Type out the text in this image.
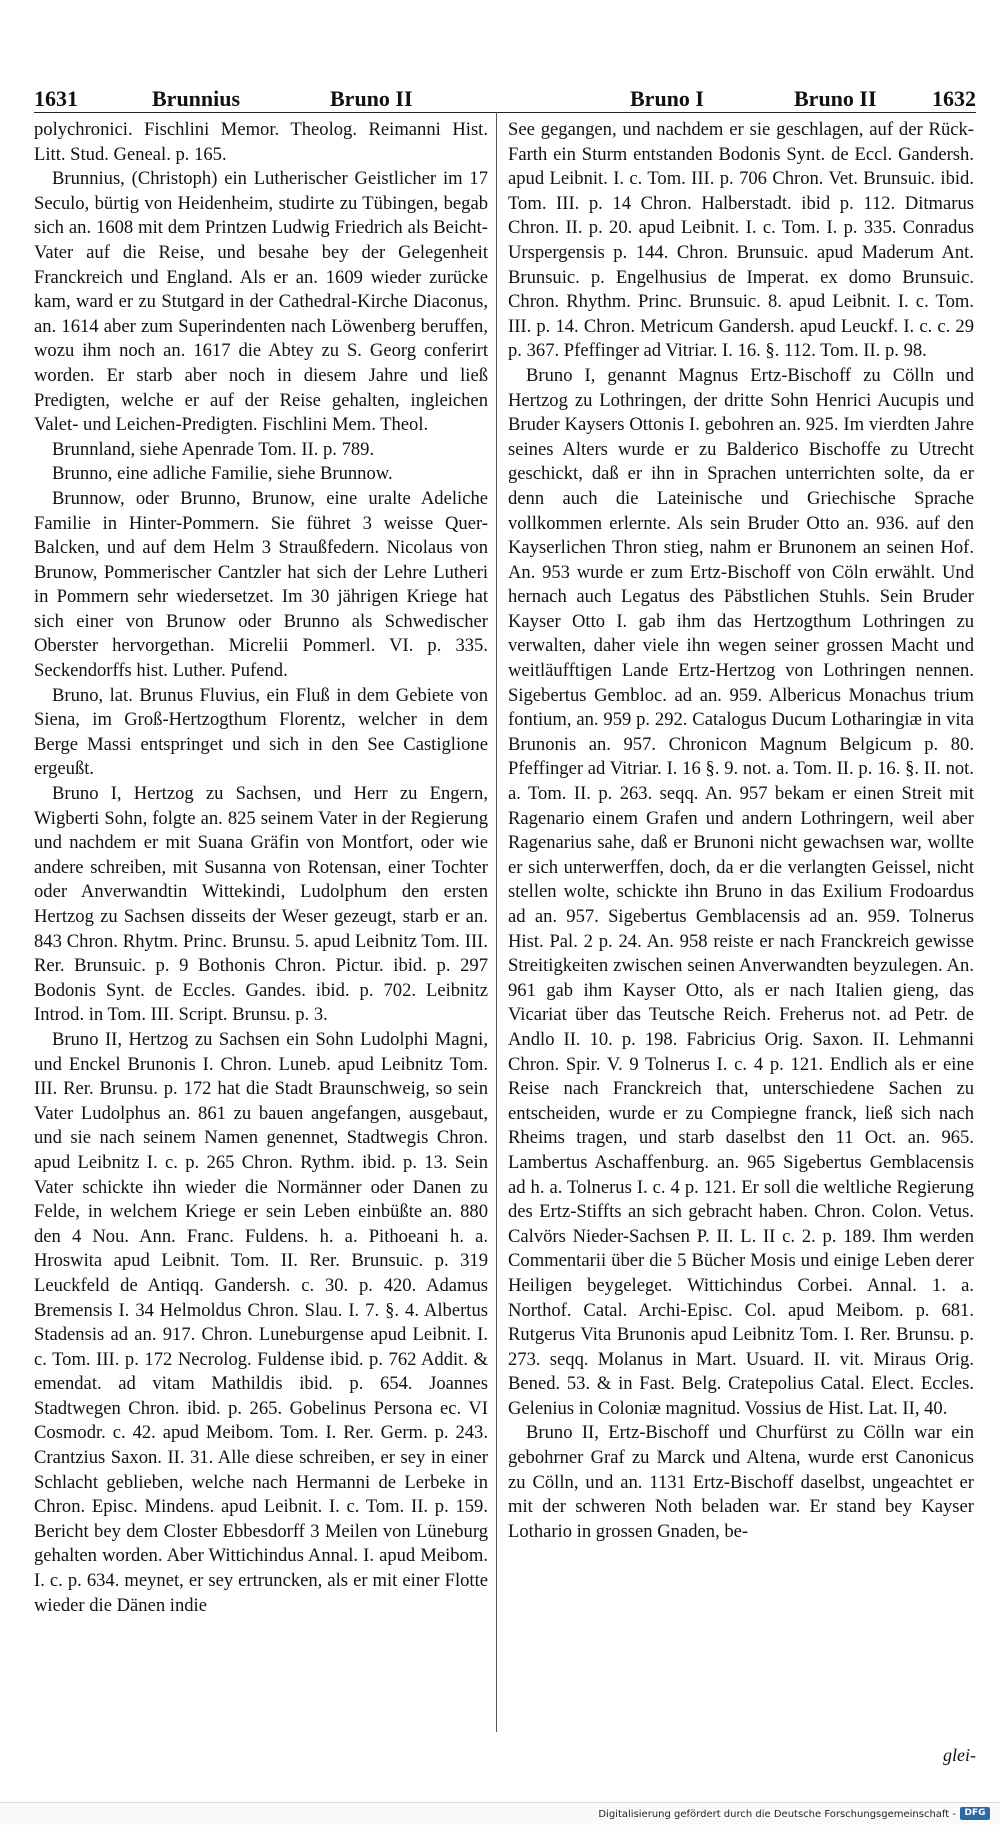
1631	Brunnius	Bruno II	Bruno I	Bruno II	1632

polychronici. Fischlini Memor. Theolog. Reimanni Hist. Litt. Stud. Geneal. p. 165.

Brunnius, (Christoph) ein Lutherischer Geistlicher im 17 Seculo, bürtig von Heidenheim, studirte zu Tübingen, begab sich an. 1608 mit dem Printzen Ludwig Friedrich als Beicht-Vater auf die Reise, und besahe bey der Gelegenheit Franckreich und England. Als er an. 1609 wieder zurücke kam, ward er zu Stutgard in der Cathedral-Kirche Diaconus, an. 1614 aber zum Superindenten nach Löwenberg beruffen, wozu ihm noch an. 1617 die Abtey zu S. Georg conferirt worden. Er starb aber noch in diesem Jahre und ließ Predigten, welche er auf der Reise gehalten, ingleichen Valet- und Leichen-Predigten. Fischlini Mem. Theol.

Brunnland, siehe Apenrade Tom. II. p. 789.

Brunno, eine adliche Familie, siehe Brunnow.

Brunnow, oder Brunno, Brunow, eine uralte Adeliche Familie in Hinter-Pommern. Sie führet 3 weisse Quer-Balcken, und auf dem Helm 3 Straußfedern. Nicolaus von Brunow, Pommerischer Cantzler hat sich der Lehre Lutheri in Pommern sehr wiedersetzet. Im 30 jährigen Kriege hat sich einer von Brunow oder Brunno als Schwedischer Oberster hervorgethan. Micrelii Pommerl. VI. p. 335. Seckendorffs hist. Luther. Pufend.

Bruno, lat. Brunus Fluvius, ein Fluß in dem Gebiete von Siena, im Groß-Hertzogthum Florentz, welcher in dem Berge Massi entspringet und sich in den See Castiglione ergeußt.

Bruno I, Hertzog zu Sachsen, und Herr zu Engern, Wigberti Sohn, folgte an. 825 seinem Vater in der Regierung und nachdem er mit Suana Gräfin von Montfort, oder wie andere schreiben, mit Susanna von Rotensan, einer Tochter oder Anverwandtin Wittekindi, Ludolphum den ersten Hertzog zu Sachsen disseits der Weser gezeugt, starb er an. 843 Chron. Rhytm. Princ. Brunsu. 5. apud Leibnitz Tom. III. Rer. Brunsuic. p. 9 Bothonis Chron. Pictur. ibid. p. 297 Bodonis Synt. de Eccles. Gandes. ibid. p. 702. Leibnitz Introd. in Tom. III. Script. Brunsu. p. 3.

Bruno II, Hertzog zu Sachsen ein Sohn Ludolphi Magni, und Enckel Brunonis I. Chron. Luneb. apud Leibnitz Tom. III. Rer. Brunsu. p. 172 hat die Stadt Braunschweig, so sein Vater Ludolphus an. 861 zu bauen angefangen, ausgebaut, und sie nach seinem Namen genennet, Stadtwegis Chron. apud Leibnitz I. c. p. 265 Chron. Rythm. ibid. p. 13. Sein Vater schickte ihn wieder die Normänner oder Danen zu Felde, in welchem Kriege er sein Leben einbüßte an. 880 den 4 Nou. Ann. Franc. Fuldens. h. a. Pithoeani h. a. Hroswita apud Leibnit. Tom. II. Rer. Brunsuic. p. 319 Leuckfeld de Antiqq. Gandersh. c. 30. p. 420. Adamus Bremensis I. 34 Helmoldus Chron. Slau. I. 7. §. 4. Albertus Stadensis ad an. 917. Chron. Luneburgense apud Leibnit. I. c. Tom. III. p. 172 Necrolog. Fuldense ibid. p. 762 Addit. & emendat. ad vitam Mathildis ibid. p. 654. Joannes Stadtwegen Chron. ibid. p. 265. Gobelinus Persona ec. VI Cosmodr. c. 42. apud Meibom. Tom. I. Rer. Germ. p. 243. Crantzius Saxon. II. 31. Alle diese schreiben, er sey in einer Schlacht geblieben, welche nach Hermanni de Lerbeke in Chron. Episc. Mindens. apud Leibnit. I. c. Tom. II. p. 159. Bericht bey dem Closter Ebbesdorff 3 Meilen von Lüneburg gehalten worden. Aber Wittichindus Annal. I. apud Meibom. I. c. p. 634. meynet, er sey ertruncken, als er mit einer Flotte wieder die Dänen indie

See gegangen, und nachdem er sie geschlagen, auf der Rück-Farth ein Sturm entstanden Bodonis Synt. de Eccl. Gandersh. apud Leibnit. I. c. Tom. III. p. 706 Chron. Vet. Brunsuic. ibid. Tom. III. p. 14 Chron. Halberstadt. ibid p. 112. Ditmarus Chron. II. p. 20. apud Leibnit. I. c. Tom. I. p. 335. Conradus Urspergensis p. 144. Chron. Brunsuic. apud Maderum Ant. Brunsuic. p. Engelhusius de Imperat. ex domo Brunsuic. Chron. Rhythm. Princ. Brunsuic. 8. apud Leibnit. I. c. Tom. III. p. 14. Chron. Metricum Gandersh. apud Leuckf. I. c. c. 29 p. 367. Pfeffinger ad Vitriar. I. 16. §. 112. Tom. II. p. 98.

Bruno I, genannt Magnus Ertz-Bischoff zu Cölln und Hertzog zu Lothringen, der dritte Sohn Henrici Aucupis und Bruder Kaysers Ottonis I. gebohren an. 925. Im vierdten Jahre seines Alters wurde er zu Balderico Bischoffe zu Utrecht geschickt, daß er ihn in Sprachen unterrichten solte, da er denn auch die Lateinische und Griechische Sprache vollkommen erlernte. Als sein Bruder Otto an. 936. auf den Kayserlichen Thron stieg, nahm er Brunonem an seinen Hof. An. 953 wurde er zum Ertz-Bischoff von Cöln erwählt. Und hernach auch Legatus des Päbstlichen Stuhls. Sein Bruder Kayser Otto I. gab ihm das Hertzogthum Lothringen zu verwalten, daher viele ihn wegen seiner grossen Macht und weitläufftigen Lande Ertz-Hertzog von Lothringen nennen. Sigebertus Gembloc. ad an. 959. Albericus Monachus trium fontium, an. 959 p. 292. Catalogus Ducum Lotharingiæ in vita Brunonis an. 957. Chronicon Magnum Belgicum p. 80. Pfeffinger ad Vitriar. I. 16 §. 9. not. a. Tom. II. p. 16. §. II. not. a. Tom. II. p. 263. seqq. An. 957 bekam er einen Streit mit Ragenario einem Grafen und andern Lothringern, weil aber Ragenarius sahe, daß er Brunoni nicht gewachsen war, wollte er sich unterwerffen, doch, da er die verlangten Geissel, nicht stellen wolte, schickte ihn Bruno in das Exilium Frodoardus ad an. 957. Sigebertus Gemblacensis ad an. 959. Tolnerus Hist. Pal. 2 p. 24. An. 958 reiste er nach Franckreich gewisse Streitigkeiten zwischen seinen Anverwandten beyzulegen. An. 961 gab ihm Kayser Otto, als er nach Italien gieng, das Vicariat über das Teutsche Reich. Freherus not. ad Petr. de Andlo II. 10. p. 198. Fabricius Orig. Saxon. II. Lehmanni Chron. Spir. V. 9 Tolnerus I. c. 4 p. 121. Endlich als er eine Reise nach Franckreich that, unterschiedene Sachen zu entscheiden, wurde er zu Compiegne franck, ließ sich nach Rheims tragen, und starb daselbst den 11 Oct. an. 965. Lambertus Aschaffenburg. an. 965 Sigebertus Gemblacensis ad h. a. Tolnerus I. c. 4 p. 121. Er soll die weltliche Regierung des Ertz-Stiffts an sich gebracht haben. Chron. Colon. Vetus. Calvörs Nieder-Sachsen P. II. L. II c. 2. p. 189. Ihm werden Commentarii über die 5 Bücher Mosis und einige Leben derer Heiligen beygeleget. Wittichindus Corbei. Annal. 1. a. Northof. Catal. Archi-Episc. Col. apud Meibom. p. 681. Rutgerus Vita Brunonis apud Leibnitz Tom. I. Rer. Brunsu. p. 273. seqq. Molanus in Mart. Usuard. II. vit. Miraus Orig. Bened. 53. & in Fast. Belg. Cratepolius Catal. Elect. Eccles. Gelenius in Coloniæ magnitud. Vossius de Hist. Lat. II, 40.

Bruno II, Ertz-Bischoff und Churfürst zu Cölln war ein gebohrner Graf zu Marck und Altena, wurde erst Canonicus zu Cölln, und an. 1131 Ertz-Bischoff daselbst, ungeachtet er mit der schweren Noth beladen war. Er stand bey Kayser Lothario in grossen Gnaden, be-

glei-
Digitalisierung gefördert durch die Deutsche Forschungsgemeinschaft - DFG
